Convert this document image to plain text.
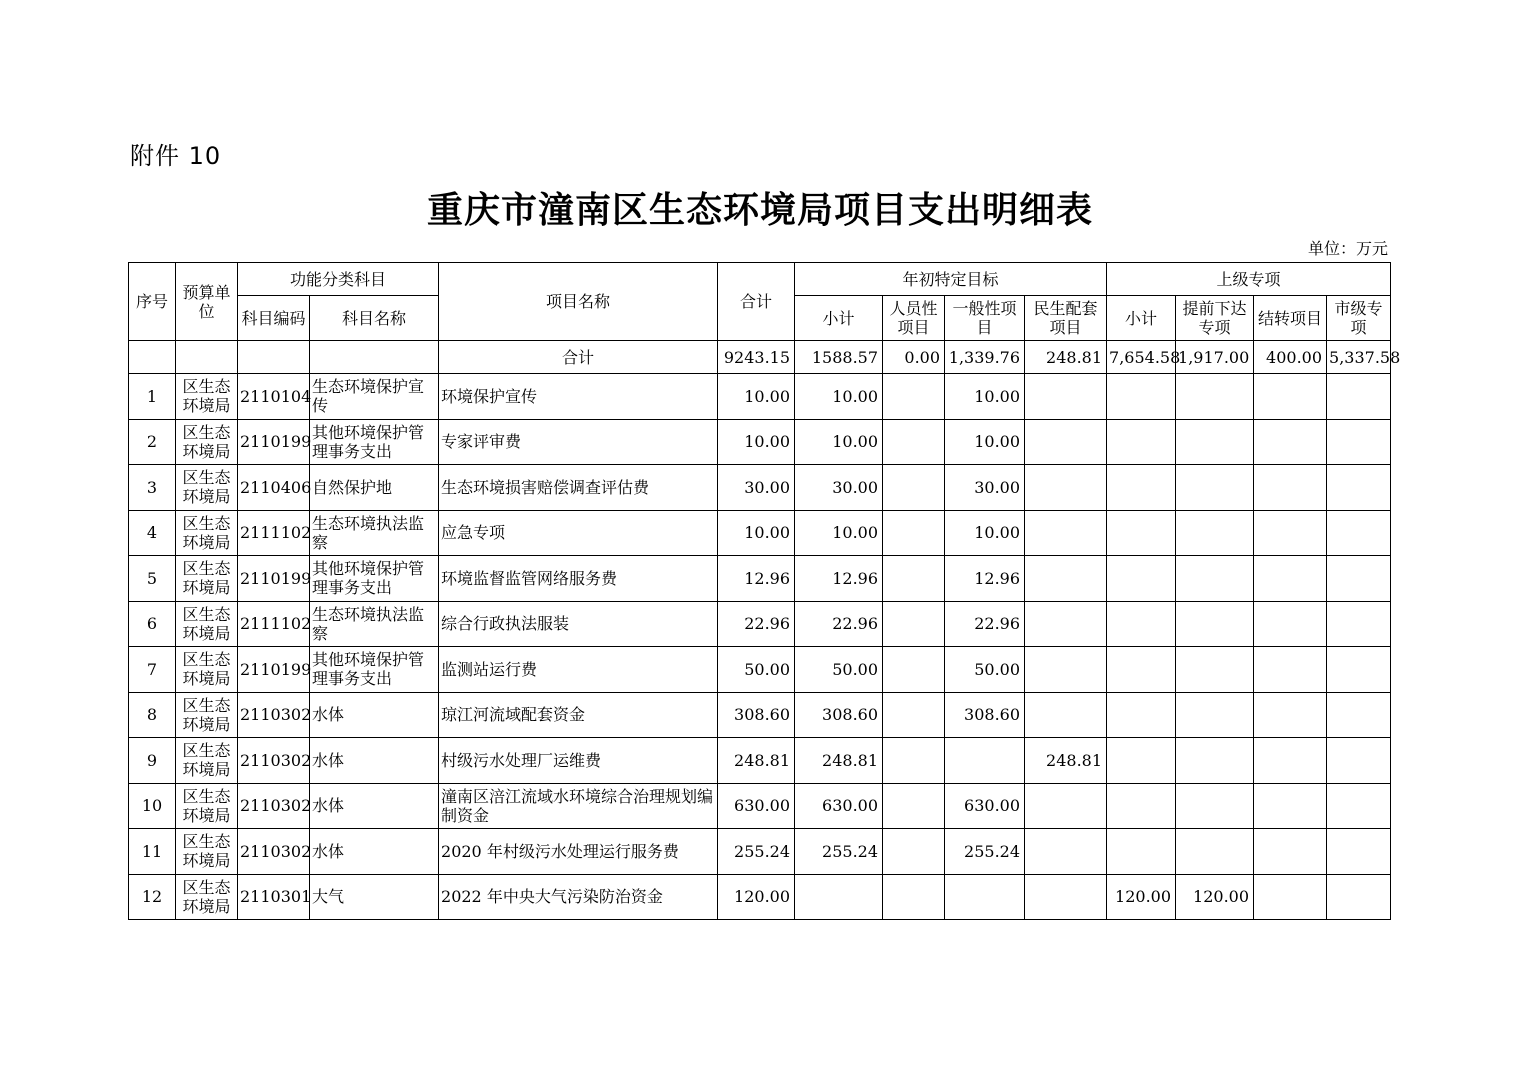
附件 10
重庆市潼南区生态环境局项目支出明细表
单位：万元
序号	预算单位	功能分类科目		项目名称	合计	年初特定目标				上级专项			
		科目编码	科目名称			小计	人员性项目	一般性项目	民生配套项目	小计	提前下达专项	结转项目	市级专项
				合计	9243.15	1588.57	0.00	1,339.76	248.81	7,654.58	1,917.00	400.00	5,337.58
1	区生态环境局	2110104	生态环境保护宣传	环境保护宣传	10.00	10.00		10.00					
2	区生态环境局	2110199	其他环境保护管理事务支出	专家评审费	10.00	10.00		10.00					
3	区生态环境局	2110406	自然保护地	生态环境损害赔偿调查评估费	30.00	30.00		30.00					
4	区生态环境局	2111102	生态环境执法监察	应急专项	10.00	10.00		10.00					
5	区生态环境局	2110199	其他环境保护管理事务支出	环境监督监管网络服务费	12.96	12.96		12.96					
6	区生态环境局	2111102	生态环境执法监察	综合行政执法服装	22.96	22.96		22.96					
7	区生态环境局	2110199	其他环境保护管理事务支出	监测站运行费	50.00	50.00		50.00					
8	区生态环境局	2110302	水体	琼江河流域配套资金	308.60	308.60		308.60					
9	区生态环境局	2110302	水体	村级污水处理厂运维费	248.81	248.81			248.81				
10	区生态环境局	2110302	水体	潼南区涪江流域水环境综合治理规划编制资金	630.00	630.00		630.00					
11	区生态环境局	2110302	水体	2020 年村级污水处理运行服务费	255.24	255.24		255.24					
12	区生态环境局	2110301	大气	2022 年中央大气污染防治资金	120.00					120.00	120.00		
